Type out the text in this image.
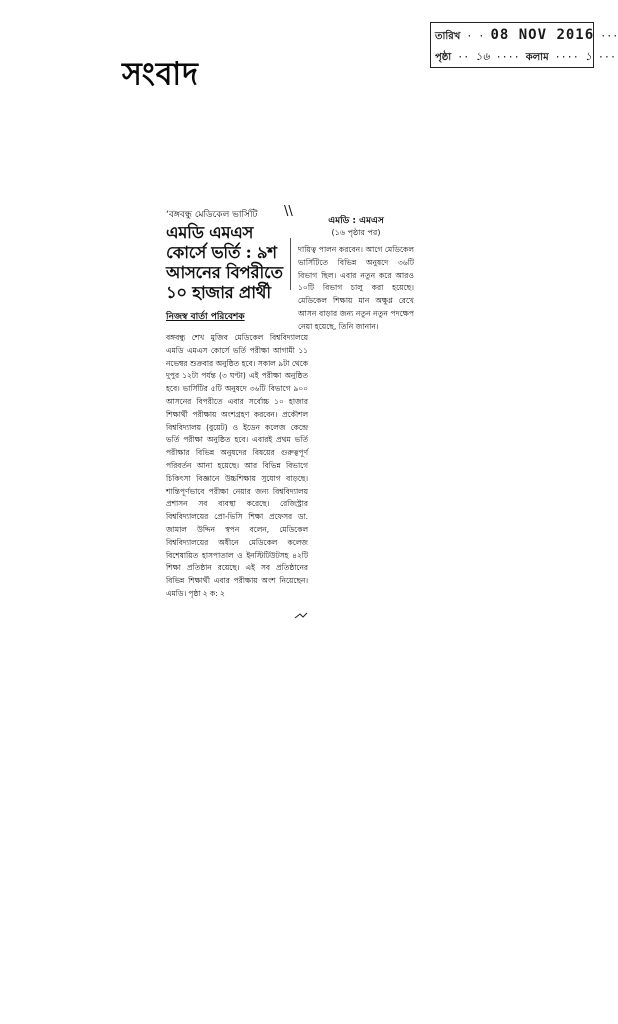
সংবাদ
তারিখ · · 08 NOV 2016 ···
পৃষ্ঠা ·· ১৬ ···· কলাম ···· ১ ···
‘বঙ্গবন্ধু মেডিকেল ভার্সিটি	\\
এমডি এমএস
কোর্সে ভর্তি : ৯শ
আসনের বিপরীতে
১০ হাজার প্রার্থী
নিজস্ব বার্তা পরিবেশক
বঙ্গবন্ধু শেখ মুজিব মেডিকেল বিশ্ববিদ্যালয়ে এমডি এমএস কোর্সে ভর্তি পরীক্ষা আগামী ১১ নভেম্বর শুক্রবার অনুষ্ঠিত হবে। সকাল ৯টা থেকে দুপুর ১২টা পর্যন্ত (৩ ঘণ্টা) এই পরীক্ষা অনুষ্ঠিত হবে। ভার্সিটির ৫টি অনুষদে ৩৬টি বিভাগে ৯০০ আসনের বিপরীতে এবার সর্বোচ্চ ১০ হাজার শিক্ষার্থী পরীক্ষায় অংশগ্রহণ করবেন। প্রকৌশল বিশ্ববিদ্যালয় (বুয়েট) ও ইডেন কলেজ কেন্দ্রে ভর্তি পরীক্ষা অনুষ্ঠিত হবে। এবারই প্রথম ভর্তি পরীক্ষার বিভিন্ন অনুষদের বিষয়ের গুরুত্বপূর্ণ পরিবর্তন আনা হয়েছে। আর বিভিন্ন বিভাগে চিকিৎসা বিজ্ঞানে উচ্চশিক্ষায় সুযোগ বাড়ছে। শান্তিপূর্ণভাবে পরীক্ষা নেয়ার জন্য বিশ্ববিদ্যালয় প্রশাসন সব ব্যবস্থা করেছে। রেজিস্ট্রার বিশ্ববিদ্যালয়ের প্রো-ভিসি শিক্ষা প্রফেসর ডা. জামাল উদ্দিন স্বপন বলেন, মেডিকেল বিশ্ববিদ্যালয়ের অধীনে মেডিকেল কলেজ বিশেষায়িত হাসপাতাল ও ইনস্টিটিউটসহ ৪২টি শিক্ষা প্রতিষ্ঠান রয়েছে। এই সব প্রতিষ্ঠানের বিভিন্ন শিক্ষার্থী এবার পরীক্ষায় অংশ নিয়েছেন। এমডি। পৃষ্ঠা ২ ক: ২
এমডি : এমএস
(১৬ পৃষ্ঠার পর)
দায়িত্ব পালন করবেন। আগে মেডিকেল ভার্সিটিতে বিভিন্ন অনুষদে ৩৬টি বিভাগ ছিল। এবার নতুন করে আরও ১০টি বিভাগ চালু করা হয়েছে। মেডিকেল শিক্ষায় মান অক্ষুণ্ণ রেখে আসন বাড়ার জন্য নতুন নতুন পদক্ষেপ নেয়া হয়েছে, তিনি জানান।
